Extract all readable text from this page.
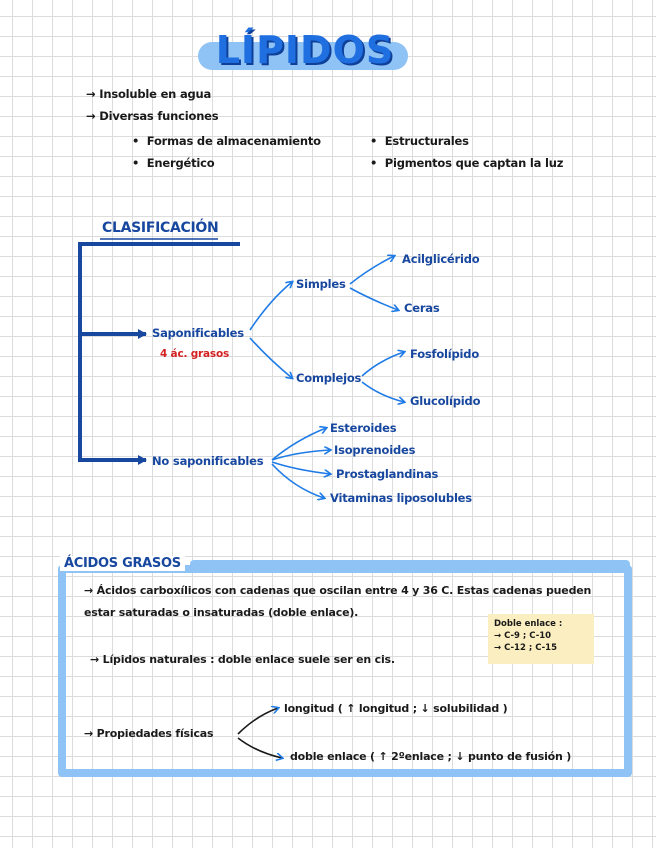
LÍPIDOS
→ Insoluble en agua
→ Diversas funciones
•  Formas de almacenamiento
•  Energético
•  Estructurales
•  Pigmentos que captan la luz
CLASIFICACIÓN
Saponificables
4 ác. grasos
Simples
Acilglicérido
Ceras
Complejos
Fosfolípido
Glucolípido
No saponificables
Esteroides
Isoprenoides
Prostaglandinas
Vitaminas liposolubles
ÁCIDOS GRASOS
→ Ácidos carboxílicos con cadenas que oscilan entre 4 y 36 C. Estas cadenas pueden
estar saturadas o insaturadas (doble enlace).
Doble enlace :
→ C-9 ; C-10
→ C-12 ; C-15
→ Lípidos naturales : doble enlace suele ser en cis.
→ Propiedades físicas
longitud ( ↑ longitud ; ↓ solubilidad )
doble enlace ( ↑ 2ºenlace ; ↓ punto de fusión )
